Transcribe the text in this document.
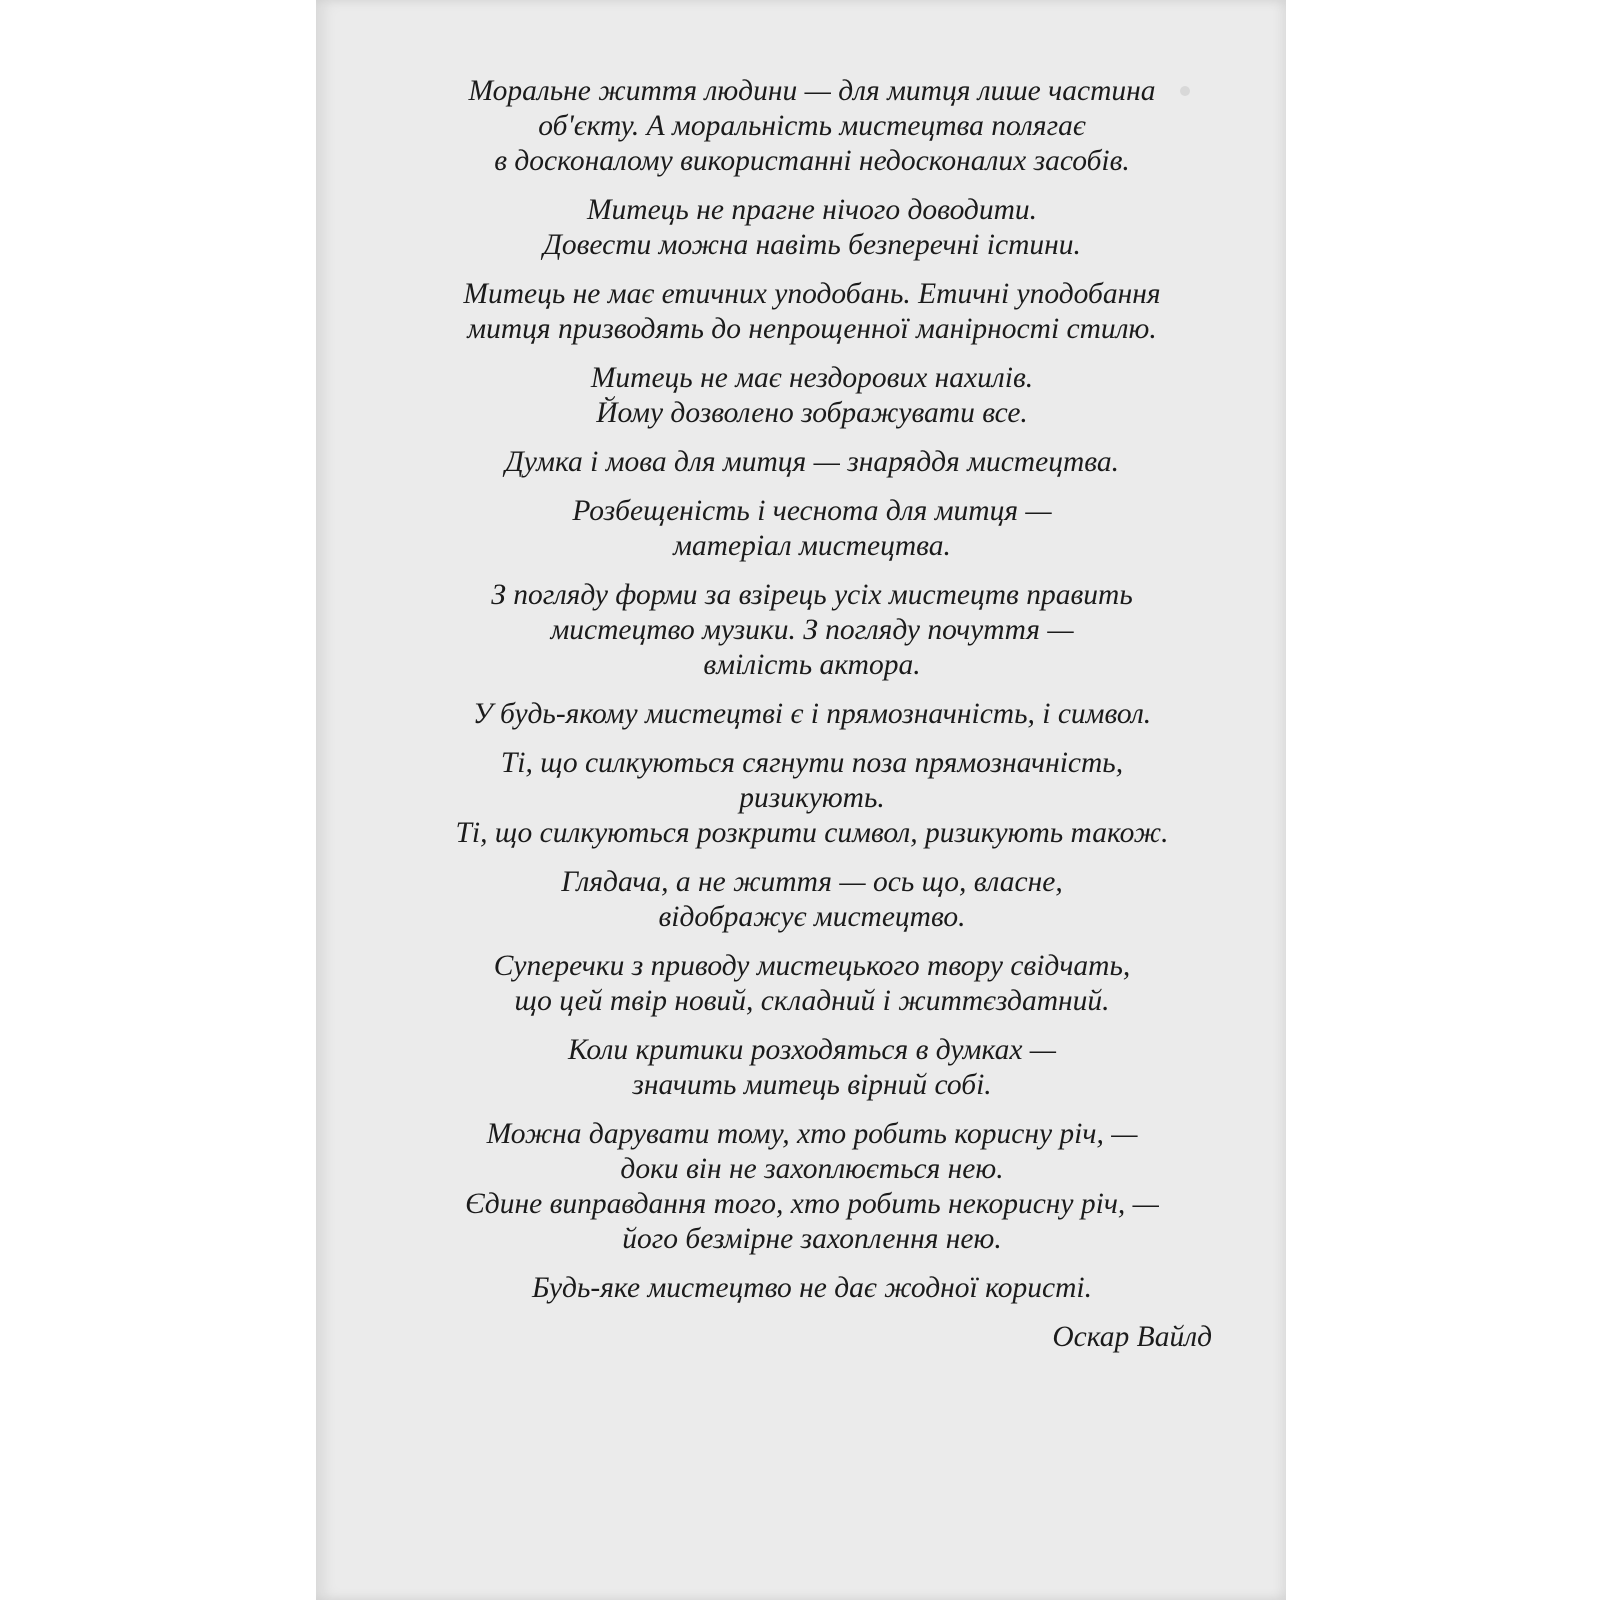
Моральне життя людини — для митця лише частина
об'єкту. А моральність мистецтва полягає
в досконалому використанні недосконалих засобів.
Митець не прагне нічого доводити.
Довести можна навіть безперечні істини.
Митець не має етичних уподобань. Етичні уподобання
митця призводять до непрощенної манірності стилю.
Митець не має нездорових нахилів.
Йому дозволено зображувати все.
Думка і мова для митця — знаряддя мистецтва.
Розбещеність і чеснота для митця —
матеріал мистецтва.
З погляду форми за взірець усіх мистецтв править
мистецтво музики. З погляду почуття —
вміліcть актора.
У будь-якому мистецтві є і прямозначність, і символ.
Ті, що силкуються сягнути поза прямозначність,
ризикують.
Ті, що силкуються розкрити символ, ризикують також.
Глядача, а не життя — ось що, власне,
відображує мистецтво.
Суперечки з приводу мистецького твору свідчать,
що цей твір новий, складний і життєздатний.
Коли критики розходяться в думках —
значить митець вірний собі.
Можна дарувати тому, хто робить корисну річ, —
доки він не захоплюється нею.
Єдине виправдання того, хто робить некорисну річ, —
його безмірне захоплення нею.
Будь-яке мистецтво не дає жодної користі.
Оскар Вайлд
